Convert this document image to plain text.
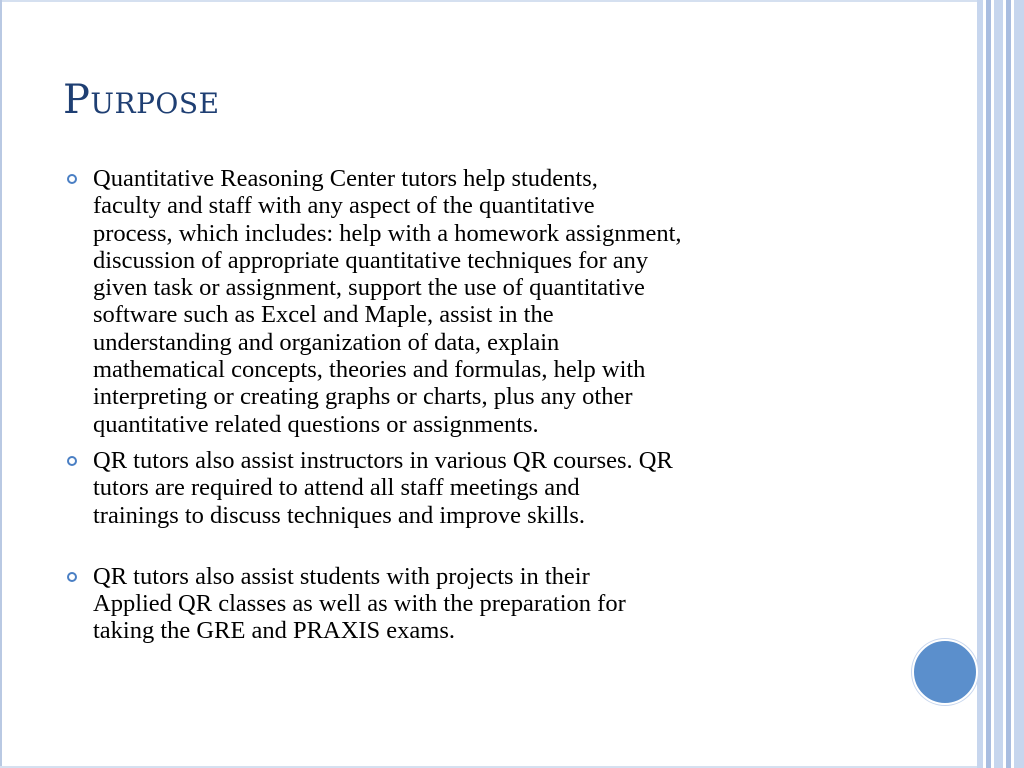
Purpose
Quantitative Reasoning Center tutors help students,
faculty and staff with any aspect of the quantitative
process, which includes: help with a homework assignment,
discussion of appropriate quantitative techniques for any
given task or assignment, support the use of quantitative
software such as Excel and Maple, assist in the
understanding and organization of data, explain
mathematical concepts, theories and formulas, help with
interpreting or creating graphs or charts, plus any other
quantitative related questions or assignments.
QR tutors also assist instructors in various QR courses. QR
tutors are required to attend all staff meetings and
trainings to discuss techniques and improve skills.
QR tutors also assist students with projects in their
Applied QR classes as well as with the preparation for
taking the GRE and PRAXIS exams.
